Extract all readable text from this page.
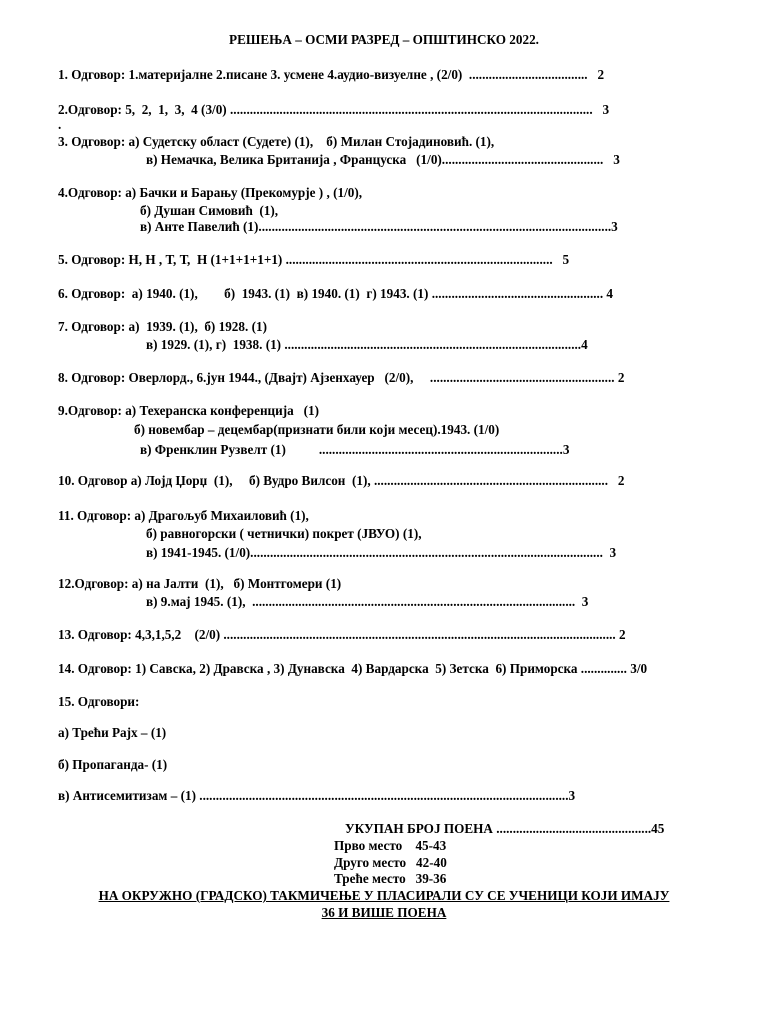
РЕШЕЊА – ОСМИ РАЗРЕД – ОПШТИНСКО 2022.
1. Одговор: 1.материјалне 2.писане 3. усмене 4.аудио-визуелне , (2/0)  ....................................   2
2.Одговор: 5,  2,  1,  3,  4 (3/0) ..............................................................................................................   3
.
3. Одговор: а) Судетску област (Судете) (1),    б) Милан Стојадиновић. (1),
в) Немачка, Велика Британија , Француска   (1/0).................................................   3
4.Одговор: а) Бачки и Барању (Прекомурје ) , (1/0),
б) Душан Симовић  (1),
в) Анте Павелић (1)...........................................................................................................3
5. Одговор: Н, Н , Т, Т,  Н (1+1+1+1+1) .................................................................................   5
6. Одговор:  а) 1940. (1),        б)  1943. (1)  в) 1940. (1)  г) 1943. (1) .................................................... 4
7. Одговор: а)  1939. (1),  б) 1928. (1)
в) 1929. (1), г)  1938. (1) ..........................................................................................4
8. Одговор: Оверлорд., 6.јун 1944., (Двајт) Ајзенхауер   (2/0),     ........................................................ 2
9.Одговор: а) Техеранска конференција   (1)
б) новембар – децембар(признати били који месец).1943. (1/0)
в) Френклин Рузвелт (1)          ..........................................................................3
10. Одговор а) Лојд Џорџ  (1),     б) Вудро Вилсон  (1), .......................................................................   2
11. Одговор: а) Драгољуб Михаиловић (1),
б) равногорски ( четнички) покрет (ЈВУО) (1),
в) 1941-1945. (1/0)...........................................................................................................  3
12.Одговор: а) на Јалти  (1),   б) Монтгомери (1)
в) 9.мај 1945. (1),  ..................................................................................................  3
13. Одговор: 4,3,1,5,2    (2/0) ....................................................................................................................... 2
14. Одговор: 1) Савска, 2) Дравска , 3) Дунавска  4) Вардарска  5) Зетска  6) Приморска .............. 3/0
15. Одговори:
а) Трећи Рајх – (1)
б) Пропаганда- (1)
в) Антисемитизам – (1) ................................................................................................................3
УКУПАН БРОЈ ПОЕНА ...............................................45
Прво место    45-43
Друго место   42-40
Треће место   39-36
НА ОКРУЖНО (ГРАДСКО) ТАКМИЧЕЊЕ У ПЛАСИРАЛИ СУ СЕ УЧЕНИЦИ КОЈИ ИМАЈУ
36 И ВИШЕ ПОЕНА
